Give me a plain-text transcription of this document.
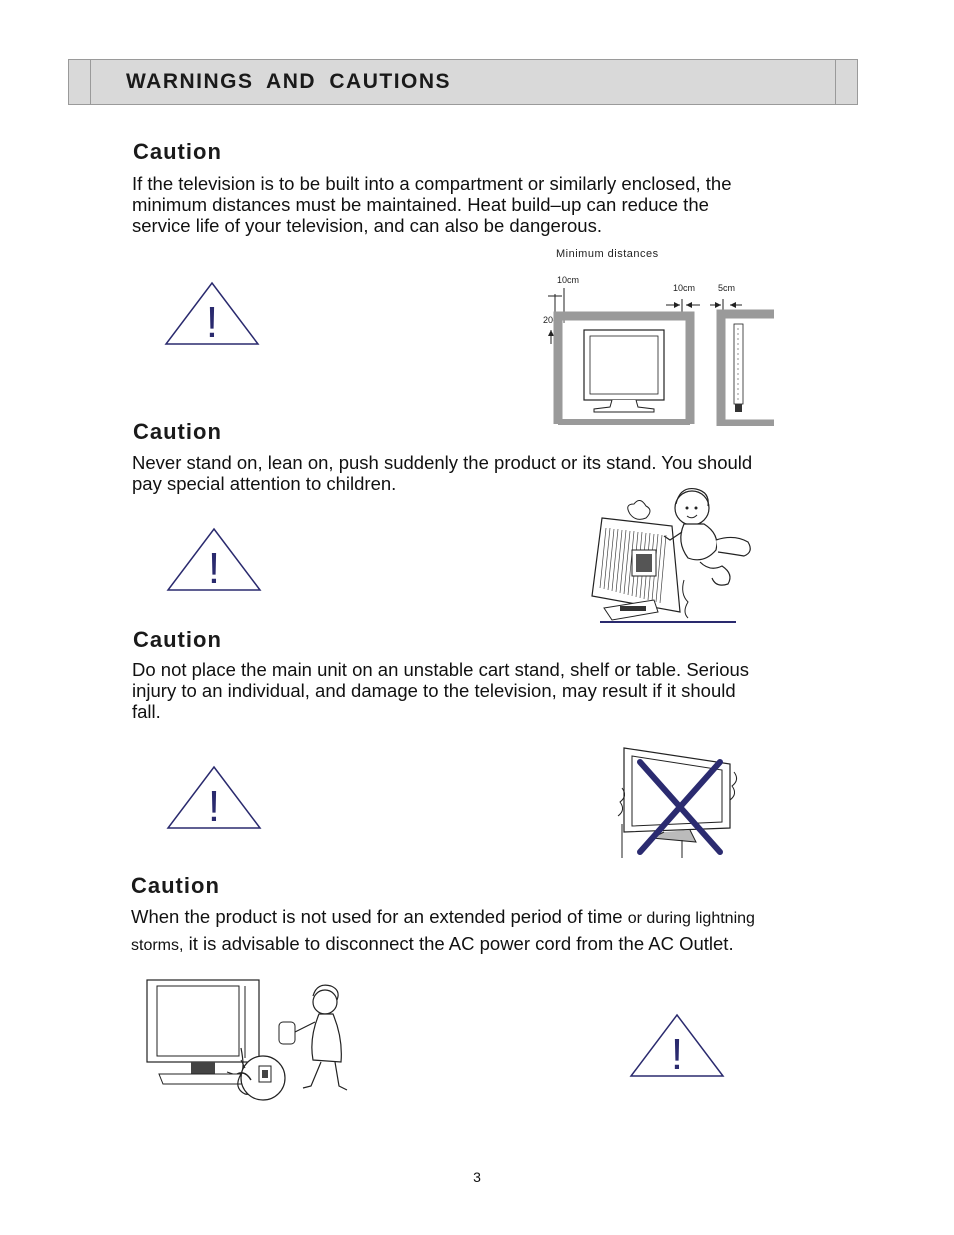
WARNINGS AND CAUTIONS
Caution
If the television is to be built into a compartment or similarly enclosed, the
minimum distances must be maintained. Heat build–up can reduce the
service life of your television, and can also be dangerous.
!
Minimum distances
10cm
20cm
10cm	5cm
Caution
Never stand on, lean on, push suddenly the product or its stand. You should
pay special attention to children.
!
Caution
Do not place the main unit on an unstable cart stand, shelf or table. Serious
injury to an individual, and damage to the television, may result if it should
fall.
!
Caution
When the product is not used for an extended period of time or during lightning
storms, it is advisable to disconnect the AC power cord from the AC Outlet.
!
3
